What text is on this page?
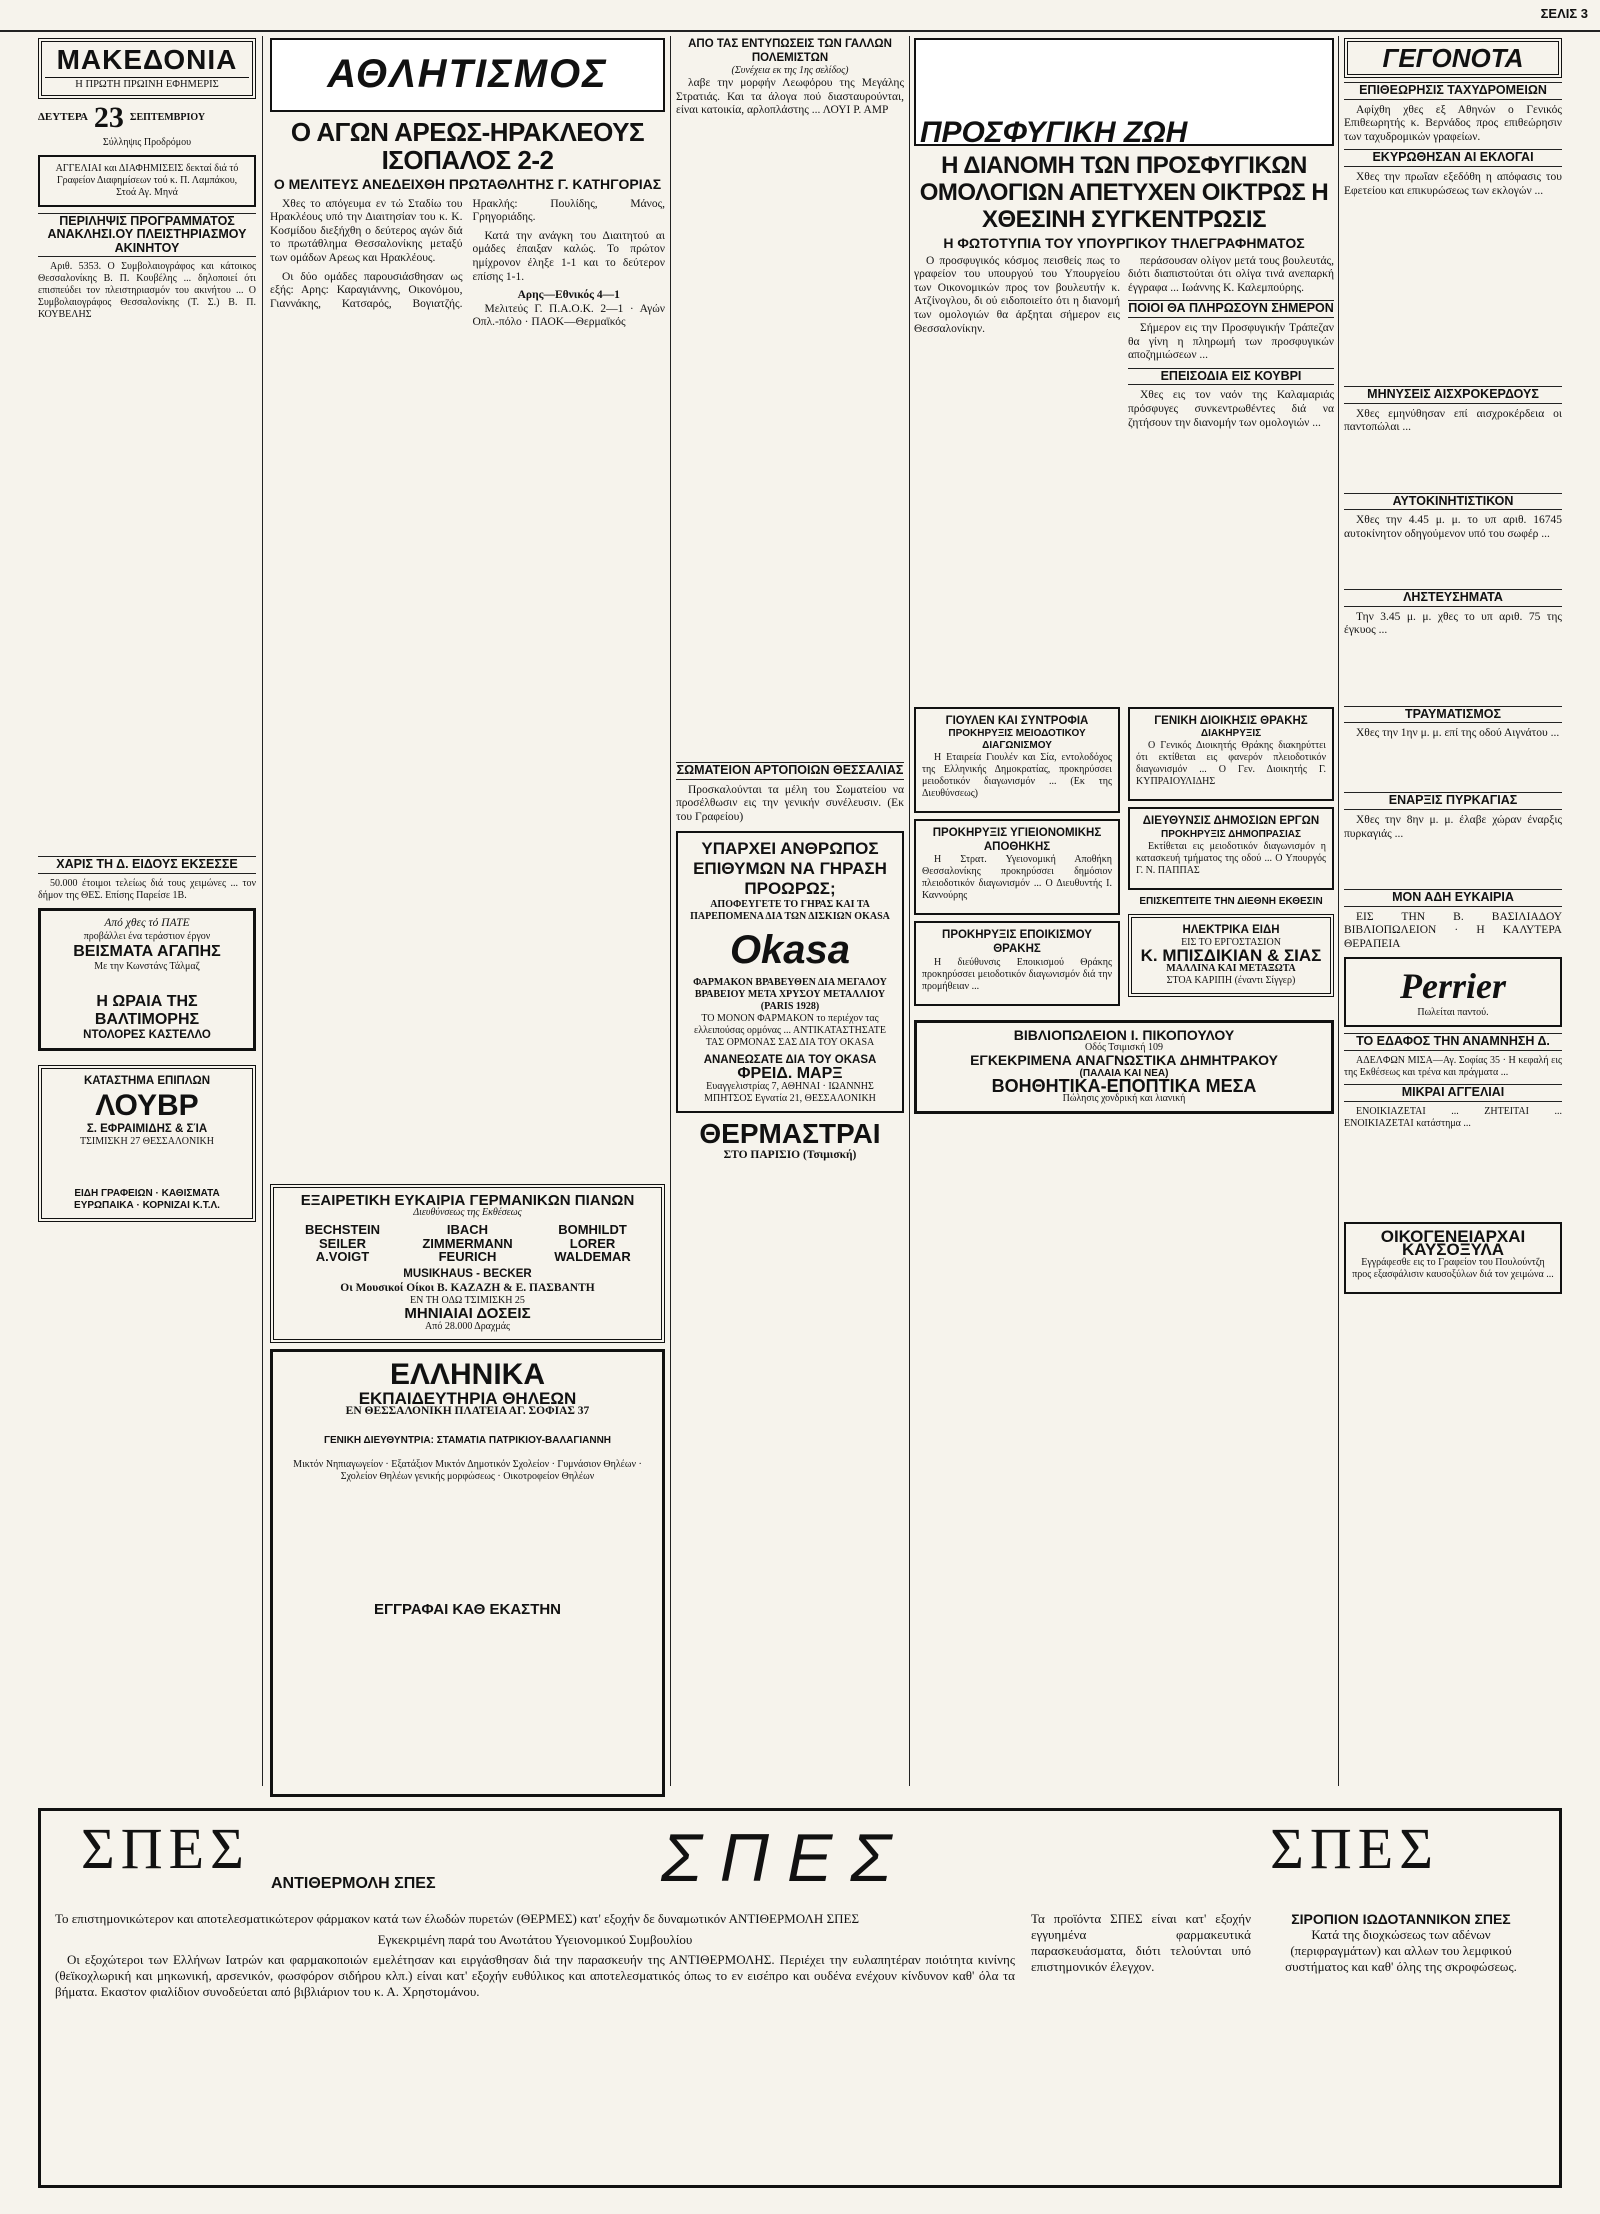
ΣΕΛΙΣ 3
ΜΑΚΕΔΟΝΙΑ
Η ΠΡΩΤΗ ΠΡΩΙΝΗ ΕΦΗΜΕΡΙΣ
ΔΕΥΤΕΡΑ 23 ΣΕΠΤΕΜΒΡΙΟΥ
Σύλληψις Προδρόμου
ΑΓΓΕΛΙΑΙ και ΔΙΑΦΗΜΙΣΕΙΣ δεκταί διά τό Γραφείον Διαφημίσεων τού κ. Π. Λαμπάκου, Στοά Αγ. Μηνά
ΠΕΡΙΛΗΨΙΣ ΠΡΟΓΡΑΜΜΑΤΟΣ ΑΝΑΚΛΗΣΙ.ΟΥ ΠΛΕΙΣΤΗΡΙΑΣΜΟΥ ΑΚΙΝΗΤΟΥ

Αριθ. 5353. Ο Συμβολαιογράφος και κάτοικος Θεσσαλονίκης Β. Π. Κουβέλης ... δηλοποιεί ότι επισπεύδει τον πλειστηριασμόν του ακινήτου ... Ο Συμβολαιογράφος Θεσσαλονίκης (Τ. Σ.) Β. Π. ΚΟΥΒΕΛΗΣ

ΧΑΡΙΣ ΤΗ Δ. ΕΙΔΟΥΣ ΕΚΣΕΣΣΕ

50.000 έτοιμοι τελείως διά τους χειμώνες ... τον δήμον της ΘΕΣ. Επίσης Παρείσε 1Β.

Από χθες τό ΠΑΤΕ
προβάλλει ένα τεράστιον έργον
ΒΕΙΣΜΑΤΑ ΑΓΑΠΗΣ
Με την Κωνστάνς Τάλμαζ
Η ΩΡΑΙΑ ΤΗΣ ΒΑΛΤΙΜΟΡΗΣ
ΝΤΟΛΟΡΕΣ ΚΑΣΤΕΛΛΟ
ΚΑΤΑΣΤΗΜΑ ΕΠΙΠΛΩΝ
ΛΟΥΒΡ
Σ. ΕΦΡΑΙΜΙΔΗΣ & ΣΊΑ
ΤΣΙΜΙΣΚΗ 27 ΘΕΣΣΑΛΟΝΙΚΗ
ΕΙΔΗ ΓΡΑΦΕΙΩΝ · ΚΑΘΙΣΜΑΤΑ ΕΥΡΩΠΑΙΚΑ · ΚΟΡΝΙΖΑΙ Κ.Τ.Λ.
ΑΘΛΗΤΙΣΜΟΣ
Ο ΑΓΩΝ ΑΡΕΩΣ-ΗΡΑΚΛΕΟΥΣ ΙΣΟΠΑΛΟΣ 2-2
Ο ΜΕΛΙΤΕΥΣ ΑΝΕΔΕΙΧΘΗ ΠΡΩΤΑΘΛΗΤΗΣ Γ. ΚΑΤΗΓΟΡΙΑΣ

Χθες το απόγευμα εν τώ Σταδίω του Ηρακλέους υπό την Διαιτησίαν του κ. Κ. Κοσμίδου διεξήχθη ο δεύτερος αγών διά το πρωτάθλημα Θεσσαλονίκης μεταξύ των ομάδων Αρεως και Ηρακλέους.

Οι δύο ομάδες παρουσιάσθησαν ως εξής: Αρης: Καραγιάννης, Οικονόμου, Γιαννάκης, Κατσαρός, Βογιατζής. Ηρακλής: Πουλίδης, Μάνος, Γρηγοριάδης.

Κατά την ανάγκη του Διαιτητού αι ομάδες έπαιξαν καλώς. Το πρώτον ημίχρονον έληξε 1-1 και το δεύτερον επίσης 1-1.

Αρης—Εθνικός 4—1

Μελιτεύς Γ. Π.Α.Ο.Κ. 2—1 · Αγών Οπλ.-πόλο · ΠΑΟΚ—Θερμαϊκός

ΕΞΑΙΡΕΤΙΚΗ ΕΥΚΑΙΡΙΑ ΓΕΡΜΑΝΙΚΩΝ ΠΙΑΝΩΝ
Διευθύνσεως της Εκθέσεως
BECHSTEIN	IBACH	BOMHILDT
SEILER	ZIMMERMANN	LORER
A.VOIGT	FEURICH	WALDEMAR
MUSIKHAUS - BECKER
Οι Μουσικοί Οίκοι Β. ΚΑΖΑΖΗ & Ε. ΠΑΣΒΑΝΤΗ
ΕΝ ΤΗ ΟΔΩ ΤΣΙΜΙΣΚΗ 25
ΜΗΝΙΑΙΑΙ ΔΟΣΕΙΣ
Από 28.000 Δραχμάς
ΕΛΛΗΝΙΚΑ
ΕΚΠΑΙΔΕΥΤΗΡΙΑ ΘΗΛΕΩΝ
ΕΝ ΘΕΣΣΑΛΟΝΙΚΗ ΠΛΑΤΕΙΑ ΑΓ. ΣΟΦΙΑΣ 37
ΓΕΝΙΚΗ ΔΙΕΥΘΥΝΤΡΙΑ: ΣΤΑΜΑΤΙΑ ΠΑΤΡΙΚΙΟΥ-ΒΑΛΑΓΙΑΝΝΗ

Μικτόν Νηπιαγωγείον · Εξατάξιον Μικτόν Δημοτικόν Σχολείον · Γυμνάσιον Θηλέων · Σχολείον Θηλέων γενικής μορφώσεως · Οικοτροφείον Θηλέων

ΕΓΓΡΑΦΑΙ ΚΑΘ ΕΚΑΣΤΗΝ
ΑΠΟ ΤΑΣ ΕΝΤΥΠΩΣΕΙΣ ΤΩΝ ΓΑΛΛΩΝ ΠΟΛΕΜΙΣΤΩΝ
(Συνέχεια εκ της 1ης σελίδος)

λαβε την μορφήν Λεωφόρου της Μεγάλης Στρατιάς. Και τα άλογα πού διασταυρούνται, είναι κατοικία, αρλοπλάστης ... ΛΟΥΙ Ρ. ΑΜΡ

ΣΩΜΑΤΕΙΟΝ ΑΡΤΟΠΟΙΩΝ ΘΕΣΣΑΛΙΑΣ

Προσκαλούνται τα μέλη του Σωματείου να προσέλθωσιν εις την γενικήν συνέλευσιν. (Εκ του Γραφείου)

ΥΠΑΡΧΕΙ ΑΝΘΡΩΠΟΣ ΕΠΙΘΥΜΩΝ ΝΑ ΓΗΡΑΣΗ ΠΡΟΩΡΩΣ;
ΑΠΟΦΕΥΓΕΤΕ ΤΟ ΓΗΡΑΣ ΚΑΙ ΤΑ ΠΑΡΕΠΟΜΕΝΑ ΔΙΑ ΤΩΝ ΔΙΣΚΙΩΝ OKASA
Okasa
ΦΑΡΜΑΚΟΝ ΒΡΑΒΕΥΘΕΝ ΔΙΑ ΜΕΓΑΛΟΥ ΒΡΑΒΕΙΟΥ ΜΕΤΑ ΧΡΥΣΟΥ ΜΕΤΑΛΛΙΟΥ (PARIS 1928)

ΤΟ ΜΟΝΟΝ ΦΑΡΜΑΚΟΝ το περιέχον τας ελλειπούσας ορμόνας ... ΑΝΤΙΚΑΤΑΣΤΗΣΑΤΕ ΤΑΣ ΟΡΜΟΝΑΣ ΣΑΣ ΔΙΑ ΤΟΥ OKASA

ΑΝΑΝΕΩΣΑΤΕ ΔΙΑ ΤΟΥ OKASA
ΦΡΕΙΔ. ΜΑΡΞ
Ευαγγελιστρίας 7, ΑΘΗΝΑΙ · ΙΩΑΝΝΗΣ ΜΠΗΤΣΟΣ Εγνατία 21, ΘΕΣΣΑΛΟΝΙΚΗ
ΘΕΡΜΑΣΤΡΑΙ
ΣΤΟ ΠΑΡΙΣΙΟ (Τσιμισκή)
ΠΡΟΣΦΥΓΙΚΗ ΖΩΗ
Η ΔΙΑΝΟΜΗ ΤΩΝ ΠΡΟΣΦΥΓΙΚΩΝ ΟΜΟΛΟΓΙΩΝ ΑΠΕΤΥΧΕΝ ΟΙΚΤΡΩΣ Η ΧΘΕΣΙΝΗ ΣΥΓΚΕΝΤΡΩΣΙΣ
Η ΦΩΤΟΤΥΠΙΑ ΤΟΥ ΥΠΟΥΡΓΙΚΟΥ ΤΗΛΕΓΡΑΦΗΜΑΤΟΣ

Ο προσφυγικός κόσμος πεισθείς πως το γραφείον του υπουργού του Υπουργείου των Οικονομικών προς τον βουλευτήν κ. Ατζίνογλου, δι ού ειδοποιείτο ότι η διανομή των ομολογιών θα άρξηται σήμερον εις Θεσσαλονίκην.

περάσουσαν ολίγον μετά τους βουλευτάς, διότι διαπιστούται ότι ολίγα τινά ανεπαρκή έγγραφα ... Ιωάννης Κ. Καλεμπούρης.

ΠΟΙΟΙ ΘΑ ΠΛΗΡΩΣΟΥΝ ΣΗΜΕΡΟΝ

Σήμερον εις την Προσφυγικήν Τράπεζαν θα γίνη η πληρωμή των προσφυγικών αποζημιώσεων ...

ΕΠΕΙΣΟΔΙΑ ΕΙΣ ΚΟΥΒΡΙ

Χθες εις τον ναόν της Καλαμαριάς πρόσφυγες συνκεντρωθέντες διά να ζητήσουν την διανομήν των ομολογιών ...

ΓΙΟΥΛΕΝ ΚΑΙ ΣΥΝΤΡΟΦΙΑ
ΠΡΟΚΗΡΥΞΙΣ ΜΕΙΟΔΟΤΙΚΟΥ ΔΙΑΓΩΝΙΣΜΟΥ

Η Εταιρεία Γιουλέν και Σία, εντολοδόχος της Ελληνικής Δημοκρατίας, προκηρύσσει μειοδοτικόν διαγωνισμόν ... (Εκ της Διευθύνσεως)

ΠΡΟΚΗΡΥΞΙΣ ΥΓΙΕΙΟΝΟΜΙΚΗΣ ΑΠΟΘΗΚΗΣ

Η Στρατ. Υγειονομική Αποθήκη Θεσσαλονίκης προκηρύσσει δημόσιον πλειοδοτικόν διαγωνισμόν ... Ο Διευθυντής Ι. Καννούρης

ΠΡΟΚΗΡΥΞΙΣ ΕΠΟΙΚΙΣΜΟΥ ΘΡΑΚΗΣ

Η διεύθυνσις Εποικισμού Θράκης προκηρύσσει μειοδοτικόν διαγωνισμόν διά την προμήθειαν ...

ΓΕΝΙΚΗ ΔΙΟΙΚΗΣΙΣ ΘΡΑΚΗΣ
ΔΙΑΚΗΡΥΞΙΣ

Ο Γενικός Διοικητής Θράκης διακηρύττει ότι εκτίθεται εις φανερόν πλειοδοτικόν διαγωνισμόν ... Ο Γεν. Διοικητής Γ. ΚΥΠΡΑΙΟΥΛΙΔΗΣ

ΔΙΕΥΘΥΝΣΙΣ ΔΗΜΟΣΙΩΝ ΕΡΓΩΝ
ΠΡΟΚΗΡΥΞΙΣ ΔΗΜΟΠΡΑΣΙΑΣ

Εκτίθεται εις μειοδοτικόν διαγωνισμόν η κατασκευή τμήματος της οδού ... Ο Υπουργός Γ. Ν. ΠΑΠΠΑΣ

ΕΠΙΣΚΕΠΤΕΙΤΕ ΤΗΝ ΔΙΕΘΝΗ ΕΚΘΕΣΙΝ
ΗΛΕΚΤΡΙΚΑ ΕΙΔΗ
ΕΙΣ ΤΟ ΕΡΓΟΣΤΑΣΙΟΝ
Κ. ΜΠΙΣΔΙΚΙΑΝ & ΣΙΑΣ
ΜΑΛΛΙΝΑ ΚΑΙ ΜΕΤΑΞΩΤΑ
ΣΤΟΑ ΚΑΡΙΠΗ (έναντι Σίγγερ)
ΒΙΒΛΙΟΠΩΛΕΙΟΝ Ι. ΠΙΚΟΠΟΥΛΟΥ
Οδός Τσιμισκή 109
ΕΓΚΕΚΡΙΜΕΝΑ ΑΝΑΓΝΩΣΤΙΚΑ ΔΗΜΗΤΡΑΚΟΥ
(ΠΑΛΑΙΑ ΚΑΙ ΝΕΑ)
ΒΟΗΘΗΤΙΚΑ-ΕΠΟΠΤΙΚΑ ΜΕΣΑ
Πώλησις χονδρική και λιανική
ΓΕΓΟΝΟΤΑ
ΕΠΙΘΕΩΡΗΣΙΣ ΤΑΧΥΔΡΟΜΕΙΩΝ

Αφίχθη χθες εξ Αθηνών ο Γενικός Επιθεωρητής κ. Βερνάδος προς επιθεώρησιν των ταχυδρομικών γραφείων.

ΕΚΥΡΩΘΗΣΑΝ ΑΙ ΕΚΛΟΓΑΙ

Χθες την πρωΐαν εξεδόθη η απόφασις του Εφετείου και επικυρώσεως των εκλογών ...

ΜΗΝΥΣΕΙΣ ΑΙΣΧΡΟΚΕΡΔΟΥΣ

Χθες εμηνύθησαν επί αισχροκέρδεια οι παντοπώλαι ...

ΑΥΤΟΚΙΝΗΤΙΣΤΙΚΟΝ

Χθες την 4.45 μ. μ. το υπ αριθ. 16745 αυτοκίνητον οδηγούμενον υπό του σωφέρ ...

ΛΗΣΤΕΥΣΗΜΑΤΑ

Την 3.45 μ. μ. χθες το υπ αριθ. 75 της έγκυος ...

ΤΡΑΥΜΑΤΙΣΜΟΣ

Χθες την 1ην μ. μ. επί της οδού Αιγνάτου ...

ΕΝΑΡΞΙΣ ΠΥΡΚΑΓΙΑΣ

Χθες την 8ην μ. μ. έλαβε χώραν έναρξις πυρκαγιάς ...

ΜΟΝ ΑΔΗ ΕΥΚΑΙΡΙΑ

ΕΙΣ ΤΗΝ Β. ΒΑΣΙΛΙΑΔΟΥ ΒΙΒΛΙΟΠΩΛΕΙΟΝ · Η ΚΑΛΥΤΕΡΑ ΘΕΡΑΠΕΙΑ

Perrier
Πωλείται παντού.
ΤΟ ΕΔΑΦΟΣ ΤΗΝ ΑΝΑΜΝΗΣΗ Δ.

ΑΔΕΛΦΩΝ ΜΙΣΑ—Αγ. Σοφίας 35 · Η κεφαλή εις της Εκθέσεως και τρένα και πράγματα ...

ΜΙΚΡΑΙ ΑΓΓΕΛΙΑΙ

ΕΝΟΙΚΙΑΖΕΤΑΙ ... ΖΗΤΕΙΤΑΙ ... ΕΝΟΙΚΙΑΖΕΤΑΙ κατάστημα ...

ΟΙΚΟΓΕΝΕΙΑΡΧΑΙ
ΚΑΥΣΟΞΥΛΑ

Εγγράφεσθε εις το Γραφείον του Πουλούντζη προς εξασφάλισιν καυσοξύλων διά τον χειμώνα ...

ΣΠΕΣ
ΑΝΤΙΘΕΡΜΟΛΗ ΣΠΕΣ	ΣΠΕΣ	ΣΠΕΣ

Το επιστημονικώτερον και αποτελεσματικώτερον φάρμακον κατά των έλωδών πυρετών (ΘΕΡΜΕΣ) κατ' εξοχήν δε δυναμωτικόν ΑΝΤΙΘΕΡΜΟΛΗ ΣΠΕΣ

Εγκεκριμένη παρά του Ανωτάτου Υγειονομικού Συμβουλίου

Οι εξοχώτεροι των Ελλήνων Ιατρών και φαρμακοποιών εμελέτησαν και ειργάσθησαν διά την παρασκευήν της ΑΝΤΙΘΕΡΜΟΛΗΣ. Περιέχει την ευλαπητέραν ποιότητα κινίνης (θεϊκοχλωρική και μηκωνική, αρσενικόν, φωσφόρον σιδήρου κλπ.) είναι κατ' εξοχήν ευθύλικος και αποτελεσματικός όπως το εν εισέπρο και ουδένα ενέχουν κίνδυνον καθ' όλα τα βήματα. Εκαστον φιαλίδιον συνοδεύεται από βιβλιάριον του κ. Α. Χρηστομάνου.

Τα προϊόντα ΣΠΕΣ είναι κατ' εξοχήν εγγυημένα φαρμακευτικά παρασκευάσματα, διότι τελούνται υπό επιστημονικόν έλεγχον.
ΣΙΡΟΠΙΟΝ ΙΩΔΟΤΑΝΝΙΚΟΝ ΣΠΕΣ

Κατά της διοχκώσεως των αδένων (περιφραγμάτων) και αλλων του λεμφικού συστήματος και καθ' όλης της σκροφώσεως.
